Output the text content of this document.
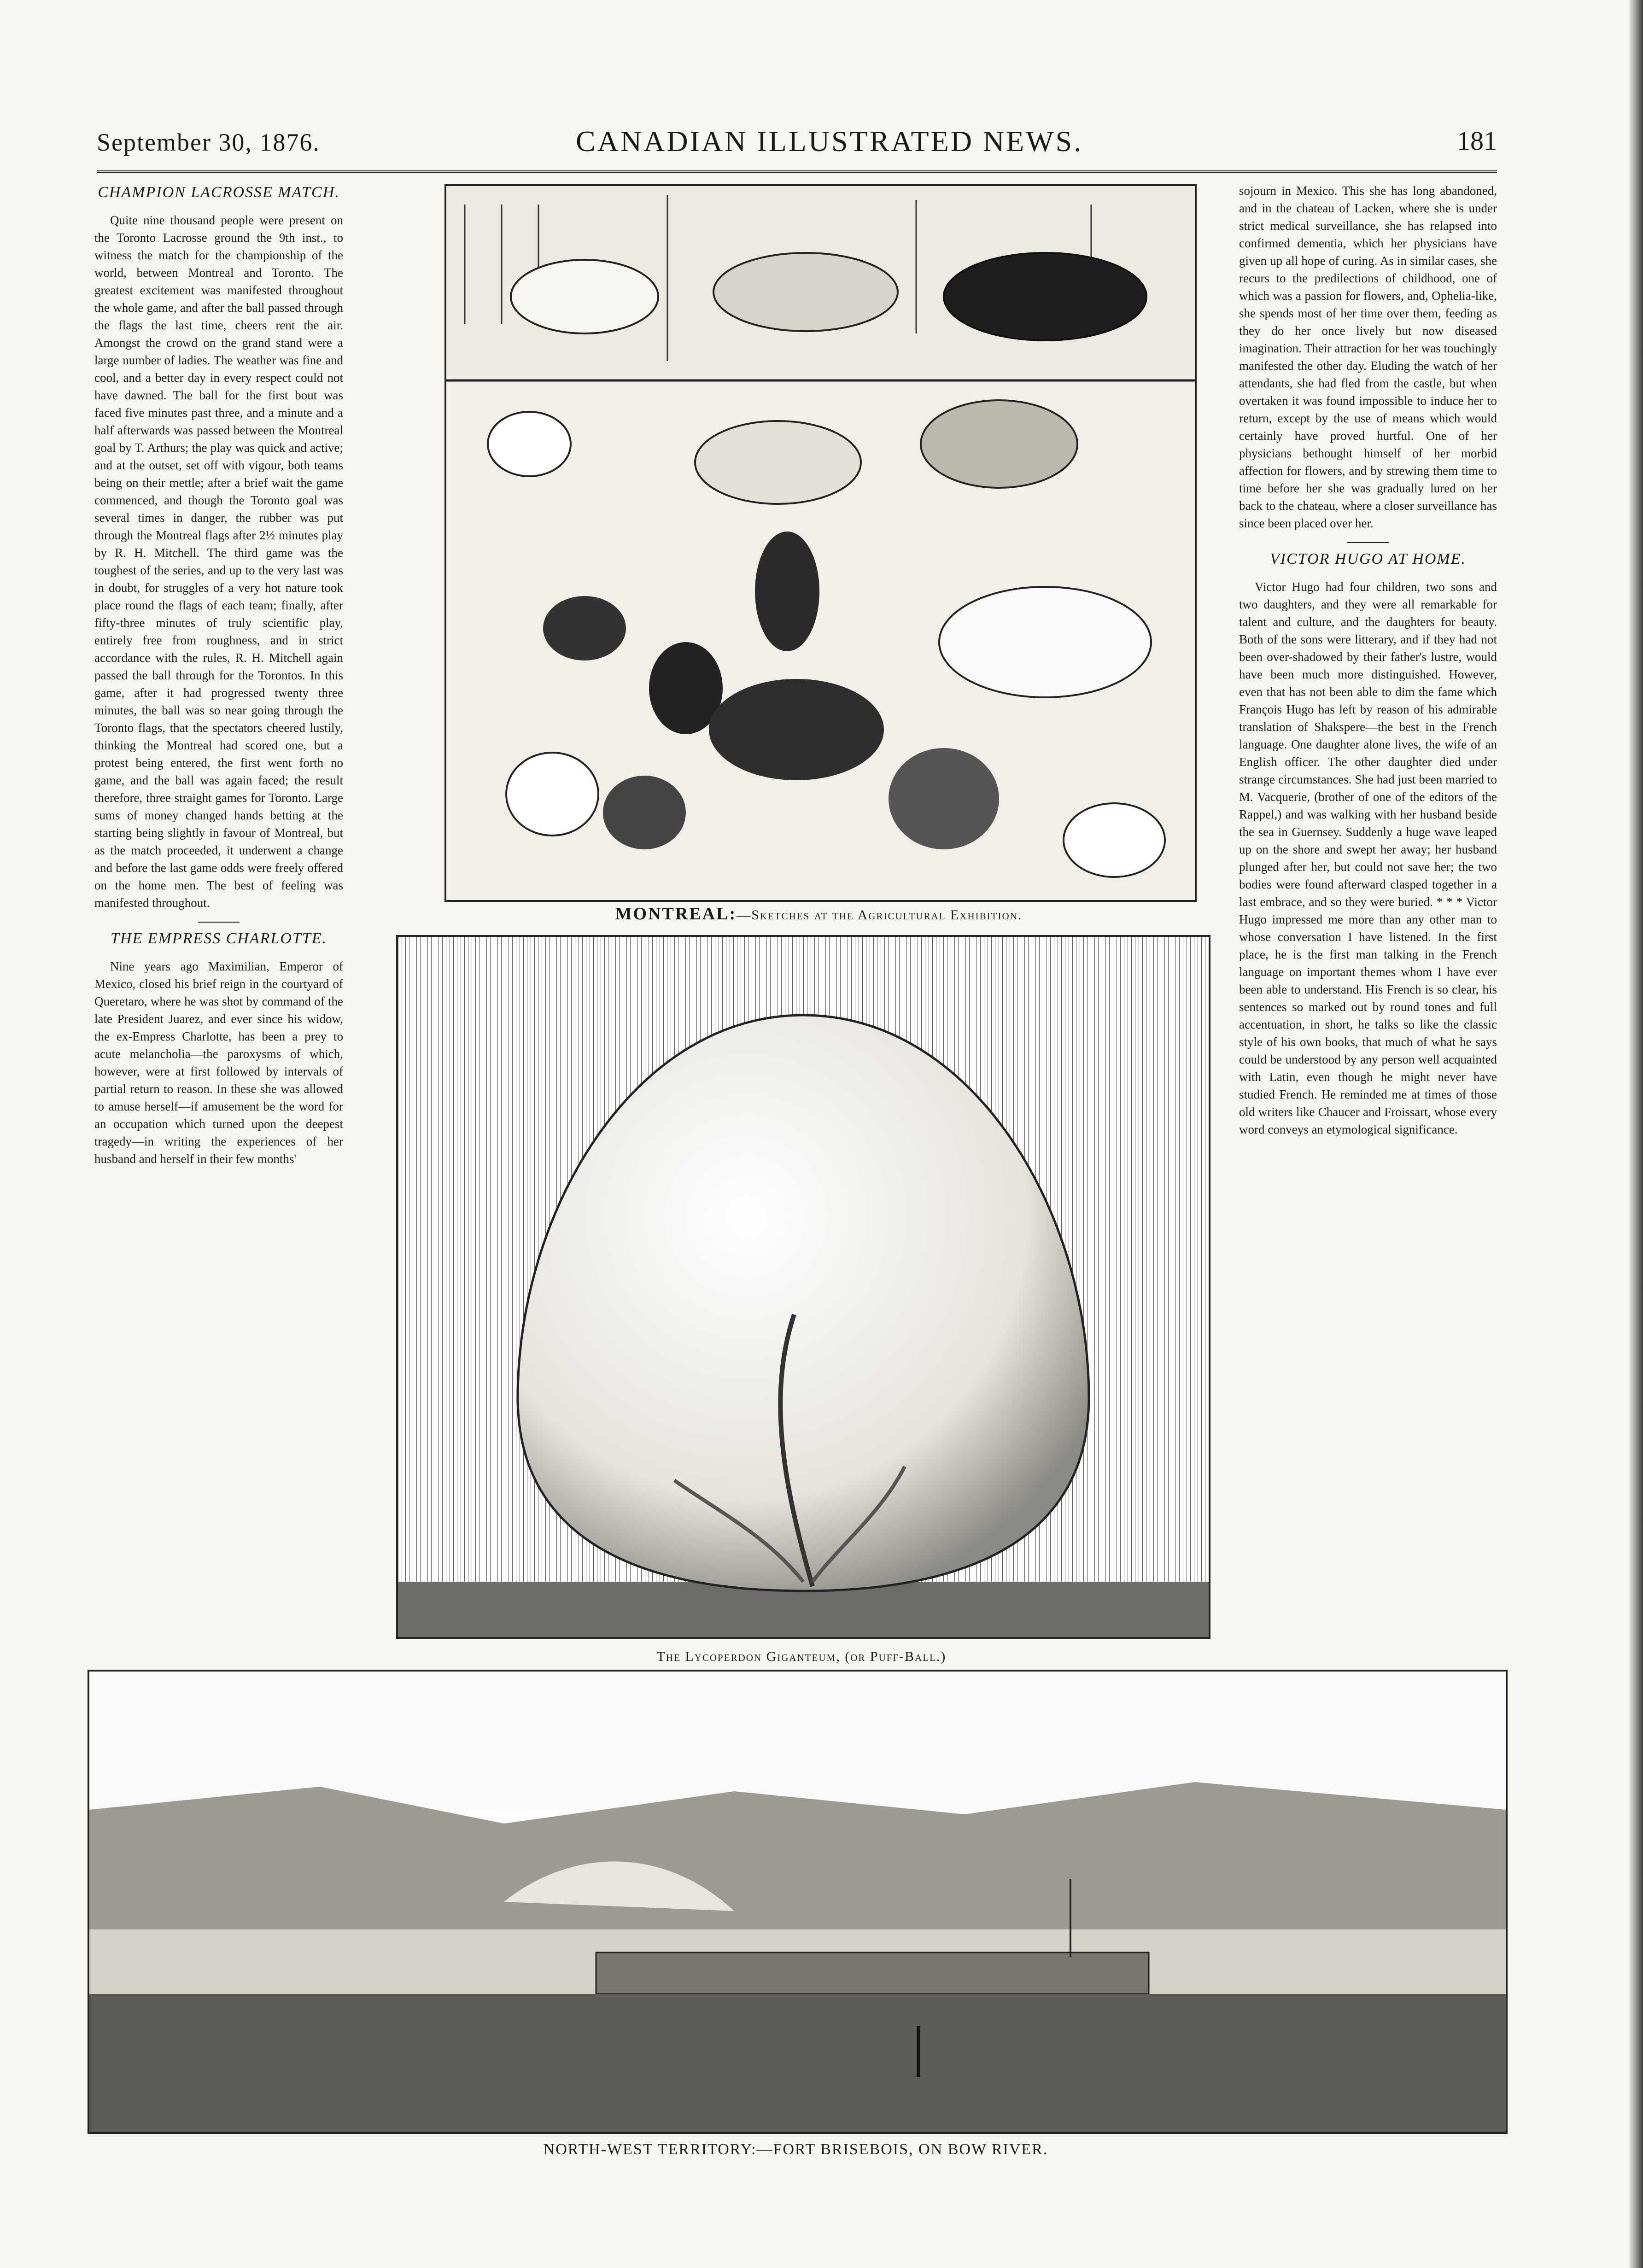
September 30, 1876.	CANADIAN ILLUSTRATED NEWS.	181
CHAMPION LACROSSE MATCH.

Quite nine thousand people were present on the Toronto Lacrosse ground the 9th inst., to witness the match for the championship of the world, between Montreal and Toronto. The greatest excitement was manifested throughout the whole game, and after the ball passed through the flags the last time, cheers rent the air. Amongst the crowd on the grand stand were a large number of ladies. The weather was fine and cool, and a better day in every respect could not have dawned. The ball for the first bout was faced five minutes past three, and a minute and a half afterwards was passed between the Montreal goal by T. Arthurs; the play was quick and active; and at the outset, set off with vigour, both teams being on their mettle; after a brief wait the game commenced, and though the Toronto goal was several times in danger, the rubber was put through the Montreal flags after 2½ minutes play by R. H. Mitchell. The third game was the toughest of the series, and up to the very last was in doubt, for struggles of a very hot nature took place round the flags of each team; finally, after fifty-three minutes of truly scientific play, entirely free from roughness, and in strict accordance with the rules, R. H. Mitchell again passed the ball through for the Torontos. In this game, after it had progressed twenty three minutes, the ball was so near going through the Toronto flags, that the spectators cheered lustily, thinking the Montreal had scored one, but a protest being entered, the first went forth no game, and the ball was again faced; the result therefore, three straight games for Toronto. Large sums of money changed hands betting at the starting being slightly in favour of Montreal, but as the match proceeded, it underwent a change and before the last game odds were freely offered on the home men. The best of feeling was manifested throughout.

THE EMPRESS CHARLOTTE.

Nine years ago Maximilian, Emperor of Mexico, closed his brief reign in the courtyard of Queretaro, where he was shot by command of the late President Juarez, and ever since his widow, the ex-Empress Charlotte, has been a prey to acute melancholia—the paroxysms of which, however, were at first followed by intervals of partial return to reason. In these she was allowed to amuse herself—if amusement be the word for an occupation which turned upon the deepest tragedy—in writing the experiences of her husband and herself in their few months'

sojourn in Mexico. This she has long abandoned, and in the chateau of Lacken, where she is under strict medical surveillance, she has relapsed into confirmed dementia, which her physicians have given up all hope of curing. As in similar cases, she recurs to the predilections of childhood, one of which was a passion for flowers, and, Ophelia-like, she spends most of her time over them, feeding as they do her once lively but now diseased imagination. Their attraction for her was touchingly manifested the other day. Eluding the watch of her attendants, she had fled from the castle, but when overtaken it was found impossible to induce her to return, except by the use of means which would certainly have proved hurtful. One of her physicians bethought himself of her morbid affection for flowers, and by strewing them time to time before her she was gradually lured on her back to the chateau, where a closer surveillance has since been placed over her.

VICTOR HUGO AT HOME.

Victor Hugo had four children, two sons and two daughters, and they were all remarkable for talent and culture, and the daughters for beauty. Both of the sons were litterary, and if they had not been over-shadowed by their father's lustre, would have been much more distinguished. However, even that has not been able to dim the fame which François Hugo has left by reason of his admirable translation of Shakspere—the best in the French language. One daughter alone lives, the wife of an English officer. The other daughter died under strange circumstances. She had just been married to M. Vacquerie, (brother of one of the editors of the Rappel,) and was walking with her husband beside the sea in Guernsey. Suddenly a huge wave leaped up on the shore and swept her away; her husband plunged after her, but could not save her; the two bodies were found afterward clasped together in a last embrace, and so they were buried. * * * Victor Hugo impressed me more than any other man to whose conversation I have listened. In the first place, he is the first man talking in the French language on important themes whom I have ever been able to understand. His French is so clear, his sentences so marked out by round tones and full accentuation, in short, he talks so like the classic style of his own books, that much of what he says could be understood by any person well acquainted with Latin, even though he might never have studied French. He reminded me at times of those old writers like Chaucer and Froissart, whose every word conveys an etymological significance.

MONTREAL:—Sketches at the Agricultural Exhibition.
The Lycoperdon Giganteum, (or Puff-Ball.)
NORTH-WEST TERRITORY:—FORT BRISEBOIS, ON BOW RIVER.
